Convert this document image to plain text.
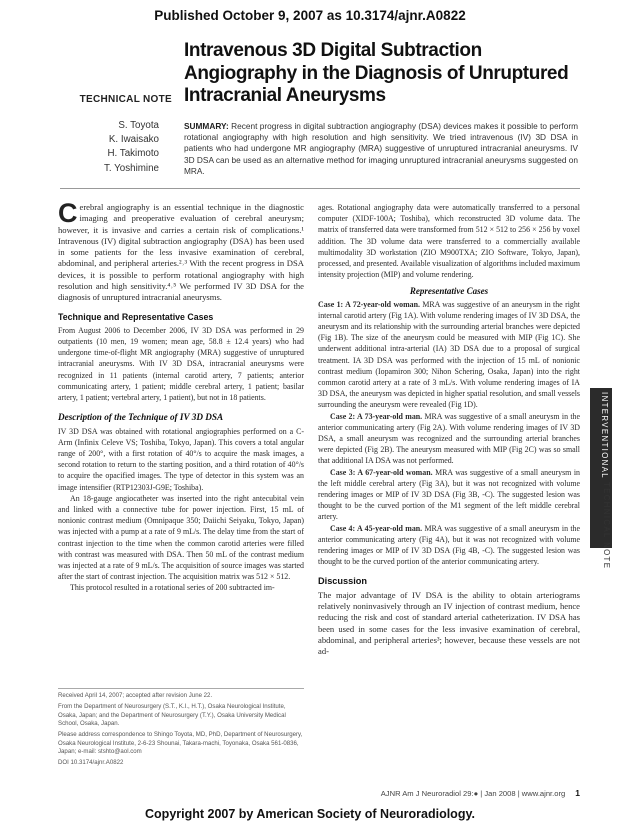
Published October 9, 2007 as 10.3174/ajnr.A0822
Intravenous 3D Digital Subtraction Angiography in the Diagnosis of Unruptured Intracranial Aneurysms
TECHNICAL NOTE
S. Toyota
K. Iwaisako
H. Takimoto
T. Yoshimine
SUMMARY: Recent progress in digital subtraction angiography (DSA) devices makes it possible to perform rotational angiography with high resolution and high sensitivity. We tried intravenous (IV) 3D DSA in patients who had undergone MR angiography (MRA) suggestive of unruptured intracranial aneurysms. IV 3D DSA can be used as an alternative method for imaging unruptured intracranial aneurysms suggested on MRA.

Cerebral angiography is an essential technique in the diagnostic imaging and preoperative evaluation of cerebral aneurysm; however, it is invasive and carries a certain risk of complications.¹ Intravenous (IV) digital subtraction angiography (DSA) has been used in some patients for the less invasive examination of cerebral, abdominal, and peripheral arteries.²˒³ With the recent progress in DSA devices, it is possible to perform rotational angiography with high resolution and high sensitivity.⁴˒⁵ We performed IV 3D DSA for the diagnosis of unruptured intracranial aneurysms.

Technique and Representative Cases

From August 2006 to December 2006, IV 3D DSA was performed in 29 outpatients (10 men, 19 women; mean age, 58.8 ± 12.4 years) who had undergone time-of-flight MR angiography (MRA) suggestive of unruptured intracranial aneurysms. With IV 3D DSA, intracranial aneurysms were recognized in 11 patients (internal carotid artery, 7 patients; anterior communicating artery, 1 patient; middle cerebral artery, 1 patient; basilar artery, 1 patient; vertebral artery, 1 patient), but not in 18 patients.

Description of the Technique of IV 3D DSA

IV 3D DSA was obtained with rotational angiographies performed on a C-Arm (Infinix Celeve VS; Toshiba, Tokyo, Japan). This covers a total angular range of 200°, with a first rotation of 40°/s to acquire the mask images, a second rotation to return to the starting position, and a third rotation of 40°/s to acquire the opacified images. The type of detector in this system was an image intensifier (RTP12303J-G9E; Toshiba).

An 18-gauge angiocatheter was inserted into the right antecubital vein and linked with a connective tube for power injection. First, 15 mL of nonionic contrast medium (Omnipaque 350; Daiichi Seiyaku, Tokyo, Japan) was injected with a pump at a rate of 9 mL/s. The delay time from the start of contrast injection to the time when the common carotid arteries were filled with contrast was measured with DSA. Then 50 mL of the contrast medium was injected at a rate of 9 mL/s. The acquisition of source images was started after the start of contrast injection. The acquisition matrix was 512 × 512.

This protocol resulted in a rotational series of 200 subtracted im-

Received April 14, 2007; accepted after revision June 22.
From the Department of Neurosurgery (S.T., K.I., H.T.), Osaka Neurological Institute, Osaka, Japan; and the Department of Neurosurgery (T.Y.), Osaka University Medical School, Osaka, Japan.
Please address correspondence to Shingo Toyota, MD, PhD, Department of Neurosurgery, Osaka Neurological Institute, 2-6-23 Shounai, Takara-machi, Toyonaka, Osaka 561-0836, Japan; e-mail: stshto@aol.com
DOI 10.3174/ajnr.A0822

ages. Rotational angiography data were automatically transferred to a personal computer (XIDF-100A; Toshiba), which reconstructed 3D volume data. The matrix of transferred data were transformed from 512 × 512 to 256 × 256 by voxel addition. The 3D volume data were transferred to a commercially available multimodality 3D workstation (ZIO M900TXA; ZIO Software, Tokyo, Japan), processed, and presented. Available visualization of algorithms included maximum intensity projection (MIP) and volume rendering.

Representative Cases

Case 1: A 72-year-old woman. MRA was suggestive of an aneurysm in the right internal carotid artery (Fig 1A). With volume rendering images of IV 3D DSA, the aneurysm and its relationship with the surrounding arterial branches were depicted (Fig 1B). The size of the aneurysm could be measured with MIP (Fig 1C). She underwent additional intra-arterial (IA) 3D DSA due to a proposal of surgical treatment. IA 3D DSA was performed with the injection of 15 mL of nonionic contrast medium (Iopamiron 300; Nihon Schering, Osaka, Japan) into the right common carotid artery at a rate of 3 mL/s. With volume rendering images of IA 3D DSA, the aneurysm was depicted in higher spatial resolution, and small vessels surrounding the aneurysm were revealed (Fig 1D).

Case 2: A 73-year-old man. MRA was suggestive of a small aneurysm in the anterior communicating artery (Fig 2A). With volume rendering images of IV 3D DSA, a small aneurysm was recognized and the surrounding arterial branches were depicted (Fig 2B). The aneurysm measured with MIP (Fig 2C) was so small that additional IA DSA was not performed.

Case 3: A 67-year-old woman. MRA was suggestive of a small aneurysm in the left middle cerebral artery (Fig 3A), but it was not recognized with volume rendering images or MIP of IV 3D DSA (Fig 3B, -C). The suggested lesion was thought to be the curved portion of the M1 segment of the left middle cerebral artery.

Case 4: A 45-year-old man. MRA was suggestive of a small aneurysm in the anterior communicating artery (Fig 4A), but it was not recognized with volume rendering images or MIP of IV 3D DSA (Fig 4B, -C). The suggested lesion was thought to be the curved portion of the anterior communicating artery.

Discussion

The major advantage of IV DSA is the ability to obtain arteriograms relatively noninvasively through an IV injection of contrast medium, hence reducing the risk and cost of standard arterial catheterization. IV DSA has been used in some cases for the less invasive examination of cerebral, abdominal, and peripheral arteries³; however, because these vessels are not ad-

AJNR Am J Neuroradiol 29:● | Jan 2008 | www.ajnr.org 1
INTERVENTIONAL
TECHNICAL NOTE
Copyright 2007 by American Society of Neuroradiology.
